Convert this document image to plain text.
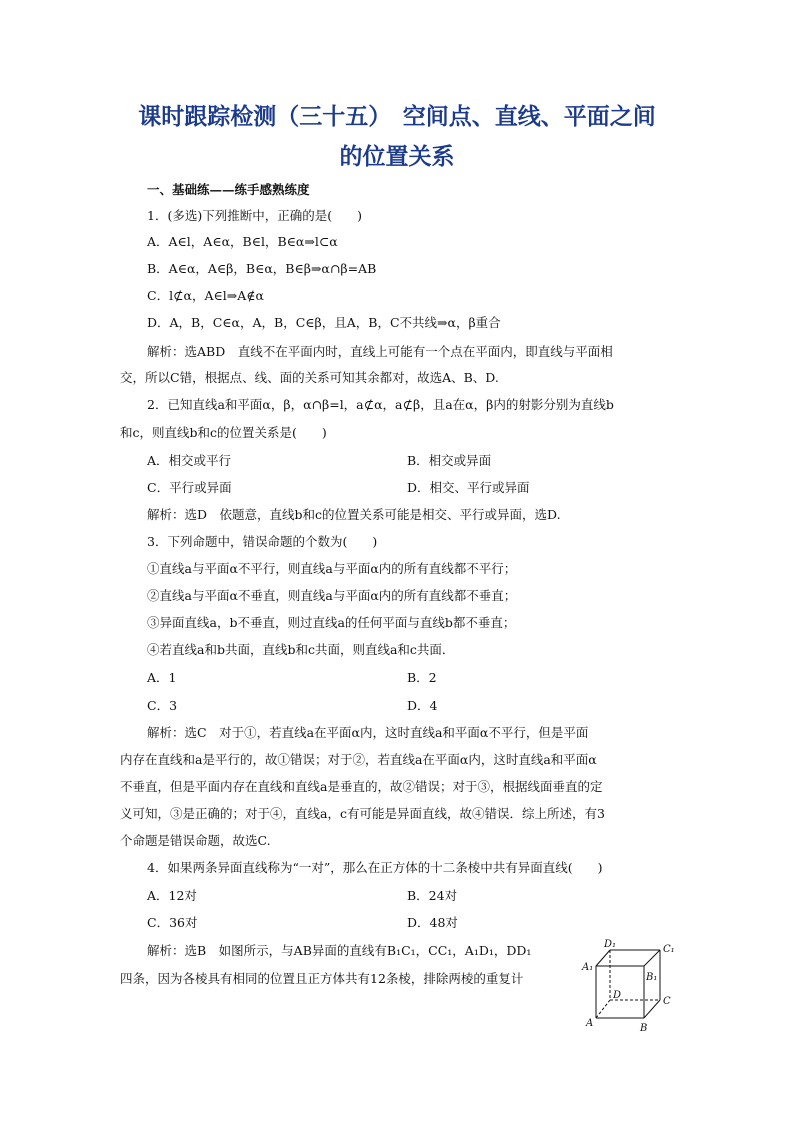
课时跟踪检测（三十五）　空间点、直线、平面之间
的位置关系
一、基础练——练手感熟练度
1．(多选)下列推断中，正确的是(　　)
A．A∈l，A∈α，B∈l，B∈α⇒l⊂α
B．A∈α，A∈β，B∈α，B∈β⇒α∩β=AB
C．l⊄α，A∈l⇒A∉α
D．A，B，C∈α，A，B，C∈β，且A，B，C不共线⇒α，β重合
解析：选ABD　直线不在平面内时，直线上可能有一个点在平面内，即直线与平面相
交，所以C错，根据点、线、面的关系可知其余都对，故选A、B、D.
2．已知直线a和平面α，β，α∩β=l，a⊄α，a⊄β，且a在α，β内的射影分别为直线b
和c，则直线b和c的位置关系是(　　)
A．相交或平行	B．相交或异面
C．平行或异面	D．相交、平行或异面
解析：选D　依题意，直线b和c的位置关系可能是相交、平行或异面，选D.
3．下列命题中，错误命题的个数为(　　)
①直线a与平面α不平行，则直线a与平面α内的所有直线都不平行；
②直线a与平面α不垂直，则直线a与平面α内的所有直线都不垂直；
③异面直线a，b不垂直，则过直线a的任何平面与直线b都不垂直；
④若直线a和b共面，直线b和c共面，则直线a和c共面．
A．1	B．2
C．3	D．4
解析：选C　对于①，若直线a在平面α内，这时直线a和平面α不平行，但是平面
内存在直线和a是平行的，故①错误；对于②，若直线a在平面α内，这时直线a和平面α
不垂直，但是平面内存在直线和直线a是垂直的，故②错误；对于③，根据线面垂直的定
义可知，③是正确的；对于④，直线a，c有可能是异面直线，故④错误．综上所述，有3
个命题是错误命题，故选C.
4．如果两条异面直线称为“一对”，那么在正方体的十二条棱中共有异面直线(　　)
A．12对	B．24对
C．36对	D．48对
解析：选B　如图所示，与AB异面的直线有B₁C₁，CC₁，A₁D₁，DD₁
四条，因为各棱具有相同的位置且正方体共有12条棱，排除两棱的重复计
D₁	C₁
A₁
B₁
D
C
A	B
